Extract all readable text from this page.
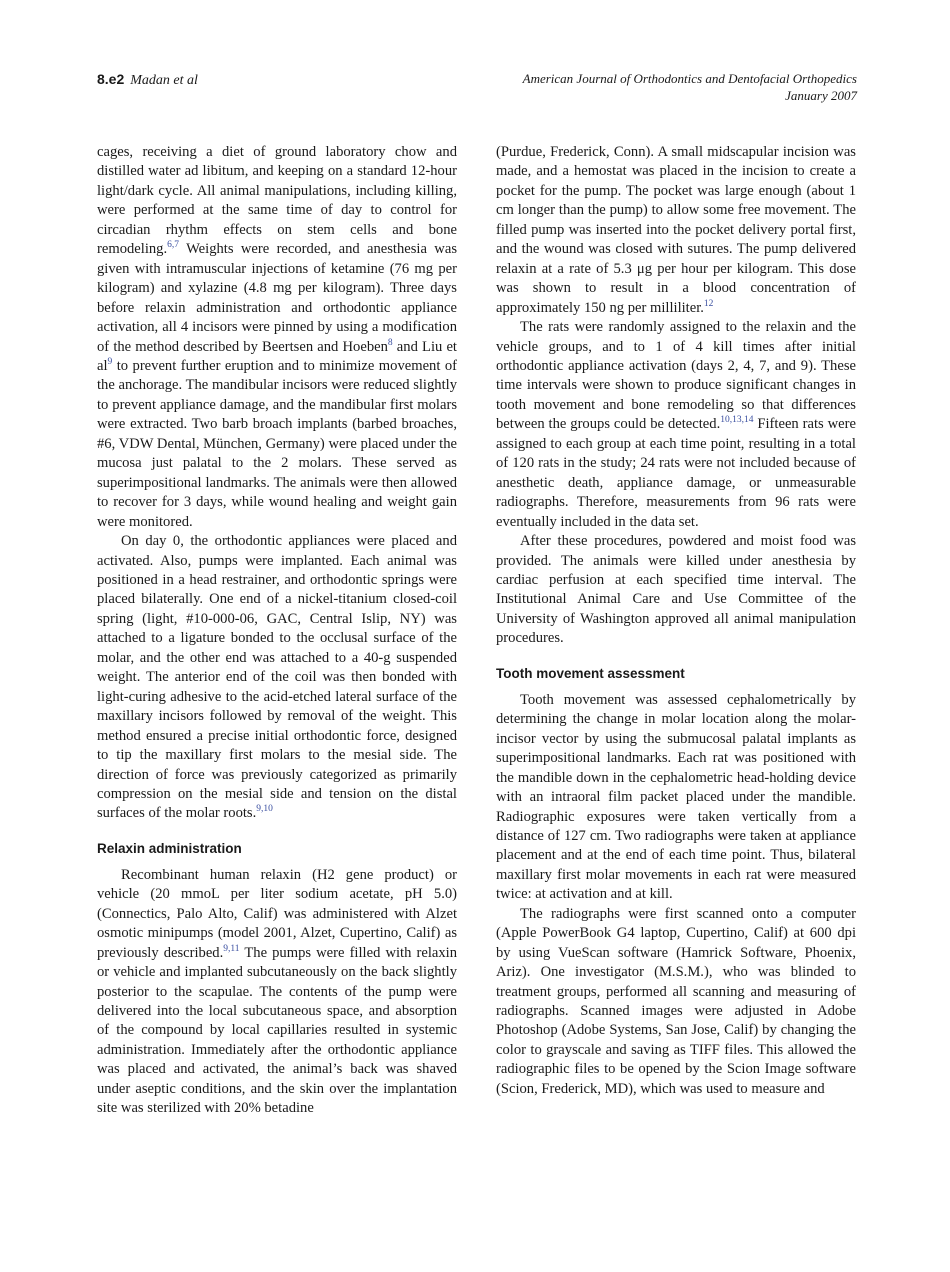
8.e2 Madan et al	American Journal of Orthodontics and Dentofacial Orthopedics
January 2007

cages, receiving a diet of ground laboratory chow and distilled water ad libitum, and keeping on a standard 12-hour light/dark cycle. All animal manipulations, including killing, were performed at the same time of day to control for circadian rhythm effects on stem cells and bone remodeling.$^{6,7}$ Weights were recorded, and anesthesia was given with intramuscular injections of ketamine (76 mg per kilogram) and xylazine (4.8 mg per kilogram). Three days before relaxin administration and orthodontic appliance activation, all 4 incisors were pinned by using a modification of the method described by Beertsen and Hoeben$^8$ and Liu et al$^9$ to prevent further eruption and to minimize movement of the anchorage. The mandibular incisors were reduced slightly to prevent appliance damage, and the mandibular first molars were extracted. Two barb broach implants (barbed broaches, #6, VDW Dental, München, Germany) were placed under the mucosa just palatal to the 2 molars. These served as superimpositional landmarks. The animals were then allowed to recover for 3 days, while wound healing and weight gain were monitored.

On day 0, the orthodontic appliances were placed and activated. Also, pumps were implanted. Each animal was positioned in a head restrainer, and orthodontic springs were placed bilaterally. One end of a nickel-titanium closed-coil spring (light, #10-000-06, GAC, Central Islip, NY) was attached to a ligature bonded to the occlusal surface of the molar, and the other end was attached to a 40-g suspended weight. The anterior end of the coil was then bonded with light-curing adhesive to the acid-etched lateral surface of the maxillary incisors followed by removal of the weight. This method ensured a precise initial orthodontic force, designed to tip the maxillary first molars to the mesial side. The direction of force was previously categorized as primarily compression on the mesial side and tension on the distal surfaces of the molar roots.$^{9,10}$

Relaxin administration

Recombinant human relaxin (H2 gene product) or vehicle (20 mmoL per liter sodium acetate, pH 5.0) (Connectics, Palo Alto, Calif) was administered with Alzet osmotic minipumps (model 2001, Alzet, Cupertino, Calif) as previously described.$^{9,11}$ The pumps were filled with relaxin or vehicle and implanted subcutaneously on the back slightly posterior to the scapulae. The contents of the pump were delivered into the local subcutaneous space, and absorption of the compound by local capillaries resulted in systemic administration. Immediately after the orthodontic appliance was placed and activated, the animal’s back was shaved under aseptic conditions, and the skin over the implantation site was sterilized with 20% betadine

(Purdue, Frederick, Conn). A small midscapular incision was made, and a hemostat was placed in the incision to create a pocket for the pump. The pocket was large enough (about 1 cm longer than the pump) to allow some free movement. The filled pump was inserted into the pocket delivery portal first, and the wound was closed with sutures. The pump delivered relaxin at a rate of 5.3 μg per hour per kilogram. This dose was shown to result in a blood concentration of approximately 150 ng per milliliter.$^{12}$

The rats were randomly assigned to the relaxin and the vehicle groups, and to 1 of 4 kill times after initial orthodontic appliance activation (days 2, 4, 7, and 9). These time intervals were shown to produce significant changes in tooth movement and bone remodeling so that differences between the groups could be detected.$^{10,13,14}$ Fifteen rats were assigned to each group at each time point, resulting in a total of 120 rats in the study; 24 rats were not included because of anesthetic death, appliance damage, or unmeasurable radiographs. Therefore, measurements from 96 rats were eventually included in the data set.

After these procedures, powdered and moist food was provided. The animals were killed under anesthesia by cardiac perfusion at each specified time interval. The Institutional Animal Care and Use Committee of the University of Washington approved all animal manipulation procedures.

Tooth movement assessment

Tooth movement was assessed cephalometrically by determining the change in molar location along the molar-incisor vector by using the submucosal palatal implants as superimpositional landmarks. Each rat was positioned with the mandible down in the cephalometric head-holding device with an intraoral film packet placed under the mandible. Radiographic exposures were taken vertically from a distance of 127 cm. Two radiographs were taken at appliance placement and at the end of each time point. Thus, bilateral maxillary first molar movements in each rat were measured twice: at activation and at kill.

The radiographs were first scanned onto a computer (Apple PowerBook G4 laptop, Cupertino, Calif) at 600 dpi by using VueScan software (Hamrick Software, Phoenix, Ariz). One investigator (M.S.M.), who was blinded to treatment groups, performed all scanning and measuring of radiographs. Scanned images were adjusted in Adobe Photoshop (Adobe Systems, San Jose, Calif) by changing the color to grayscale and saving as TIFF files. This allowed the radiographic files to be opened by the Scion Image software (Scion, Frederick, MD), which was used to measure and
